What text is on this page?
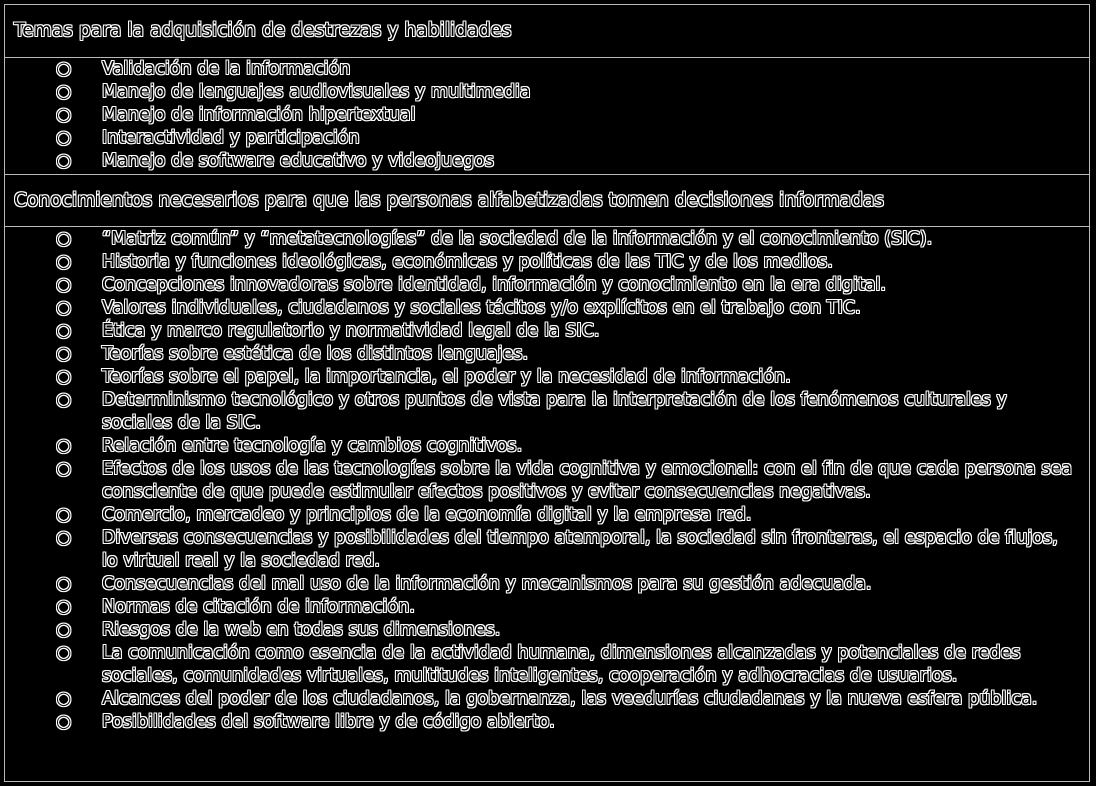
Temas para la adquisición de destrezas y habilidades
○ Validación de la información
○ Manejo de lenguajes audiovisuales y multimedia
○ Manejo de información hipertextual
○ Interactividad y participación
○ Manejo de software educativo y videojuegos
Conocimientos necesarios para que las personas alfabetizadas tomen decisiones informadas
○ “Matriz común” y “metatecnologías” de la sociedad de la información y el conocimiento (SIC).
○ Historia y funciones ideológicas, económicas y políticas de las TIC y de los medios.
○ Concepciones innovadoras sobre identidad, información y conocimiento en la era digital.
○ Valores individuales, ciudadanos y sociales tácitos y/o explícitos en el trabajo con TIC.
○ Ética y marco regulatorio y normatividad legal de la SIC.
○ Teorías sobre estética de los distintos lenguajes.
○ Teorías sobre el papel, la importancia, el poder y la necesidad de información.
○ Determinismo tecnológico y otros puntos de vista para la interpretación de los fenómenos culturales y sociales de la SIC.
○ Relación entre tecnología y cambios cognitivos.
○ Efectos de los usos de las tecnologías sobre la vida cognitiva y emocional: con el fin de que cada persona sea consciente de que puede estimular efectos positivos y evitar consecuencias negativas.
○ Comercio, mercadeo y principios de la economía digital y la empresa red.
○ Diversas consecuencias y posibilidades del tiempo atemporal, la sociedad sin fronteras, el espacio de flujos, lo virtual real y la sociedad red.
○ Consecuencias del mal uso de la información y mecanismos para su gestión adecuada.
○ Normas de citación de información.
○ Riesgos de la web en todas sus dimensiones.
○ La comunicación como esencia de la actividad humana, dimensiones alcanzadas y potenciales de redes sociales, comunidades virtuales, multitudes inteligentes, cooperación y adhocracias de usuarios.
○ Alcances del poder de los ciudadanos, la gobernanza, las veedurías ciudadanas y la nueva esfera pública.
○ Posibilidades del software libre y de código abierto.
